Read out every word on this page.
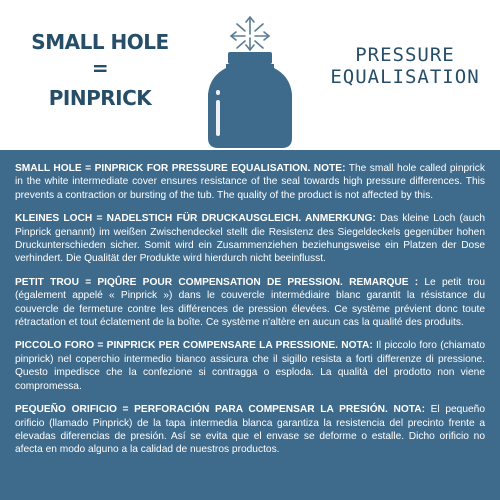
SMALL HOLE
=
PINPRICK
PRESSURE
EQUALISATION

SMALL HOLE = PINPRICK FOR PRESSURE EQUALISATION. NOTE: The small hole called pinprick in the white intermediate cover ensures resistance of the seal towards high pressure differences. This prevents a contraction or bursting of the tub. The quality of the product is not affected by this.

KLEINES LOCH = NADELSTICH FÜR DRUCKAUSGLEICH. ANMERKUNG: Das kleine Loch (auch Pinprick genannt) im weißen Zwischendeckel stellt die Resistenz des Siegeldeckels gegenüber hohen Druckunterschieden sicher. Somit wird ein Zusammenziehen beziehungsweise ein Platzen der Dose verhindert. Die Qualität der Produkte wird hierdurch nicht beeinflusst.

PETIT TROU = PIQÛRE POUR COMPENSATION DE PRESSION. REMARQUE : Le petit trou (également appelé « Pinprick ») dans le couvercle intermédiaire blanc garantit la résistance du couvercle de fermeture contre les différences de pression élevées. Ce système prévient donc toute rétractation et tout éclatement de la boîte. Ce système n'altère en aucun cas la qualité des produits.

PICCOLO FORO = PINPRICK PER COMPENSARE LA PRESSIONE. NOTA: Il piccolo foro (chiamato pinprick) nel coperchio intermedio bianco assicura che il sigillo resista a forti differenze di pressione. Questo impedisce che la confezione si contragga o esploda. La qualità del prodotto non viene compromessa.

PEQUEÑO ORIFICIO = PERFORACIÓN PARA COMPENSAR LA PRESIÓN. NOTA: El pequeño orificio (llamado Pinprick) de la tapa intermedia blanca garantiza la resistencia del precinto frente a elevadas diferencias de presión. Así se evita que el envase se deforme o estalle. Dicho orificio no afecta en modo alguno a la calidad de nuestros productos.
